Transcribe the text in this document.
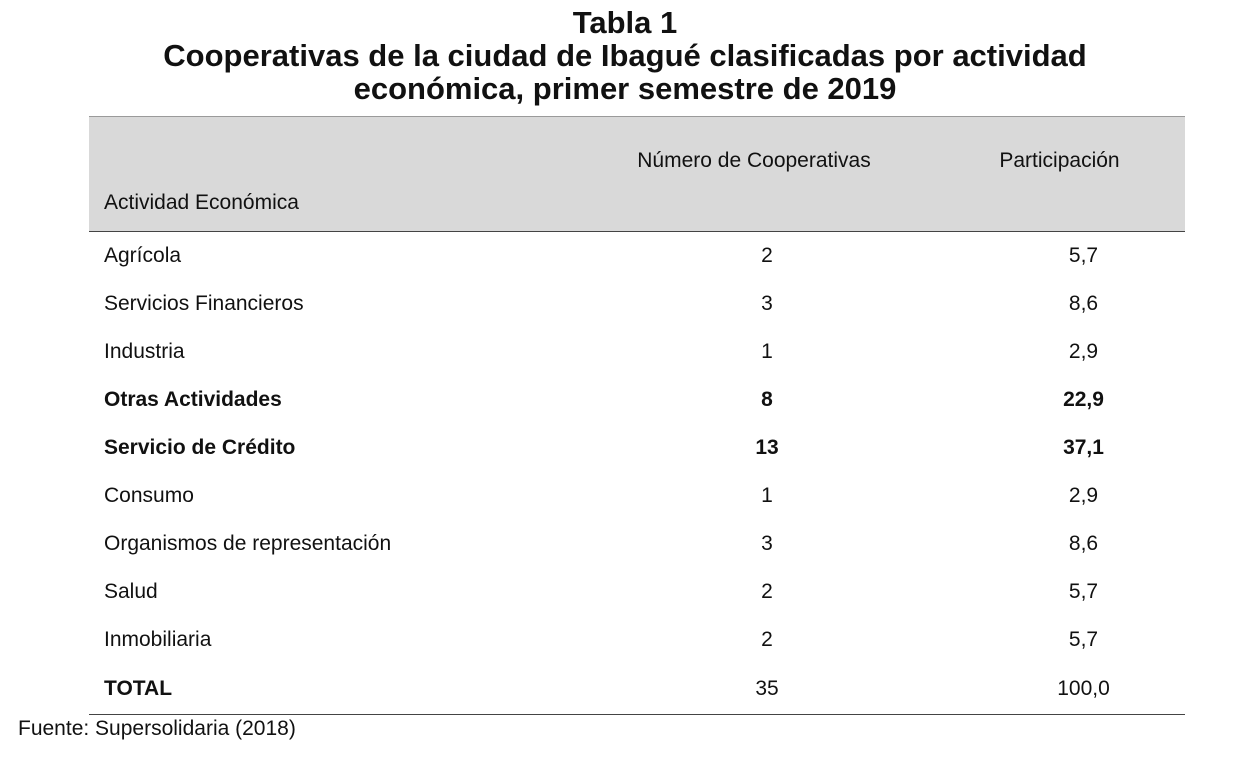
Tabla 1
Cooperativas de la ciudad de Ibagué clasificadas por actividad
económica, primer semestre de 2019
Actividad Económica	Número de Cooperativas	Participación
Agrícola	2	5,7
Servicios Financieros	3	8,6
Industria	1	2,9
Otras Actividades	8	22,9
Servicio de Crédito	13	37,1
Consumo	1	2,9
Organismos de representación	3	8,6
Salud	2	5,7
Inmobiliaria	2	5,7
TOTAL	35	100,0
Fuente: Supersolidaria (2018)
